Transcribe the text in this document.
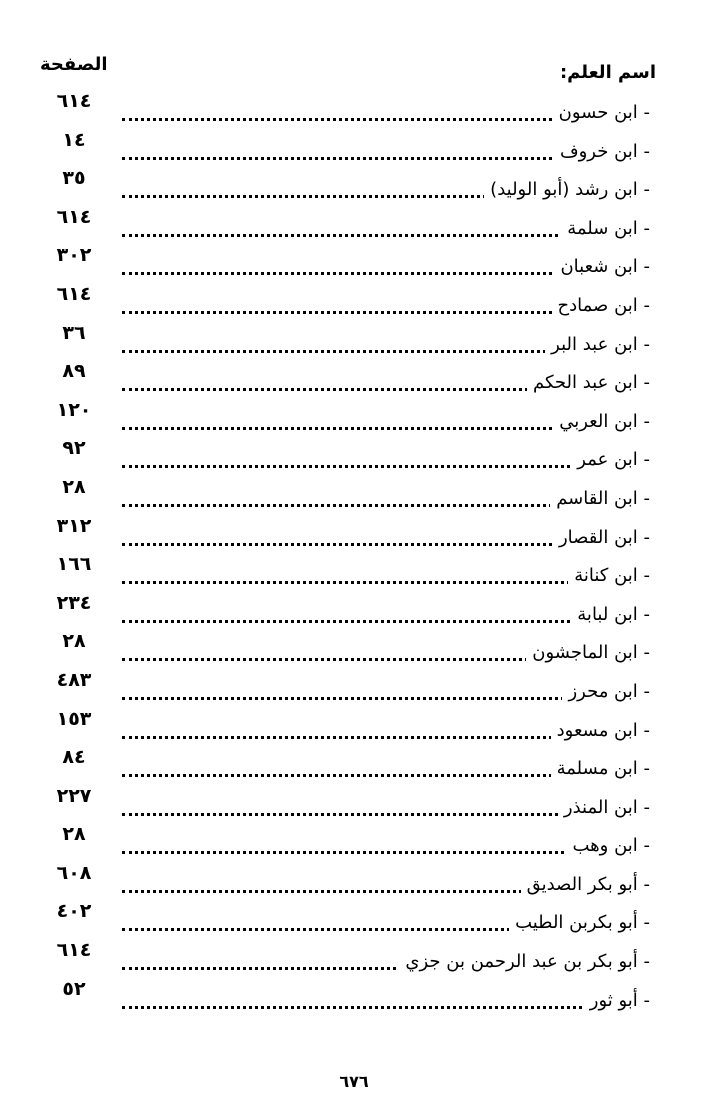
اسم العلم:
الصفحة
- ابن حسون
٦١٤
- ابن خروف
١٤
- ابن رشد (أبو الوليد)
٣٥
- ابن سلمة
٦١٤
- ابن شعبان
٣٠٢
- ابن صمادح
٦١٤
- ابن عبد البر
٣٦
- ابن عبد الحكم
٨٩
- ابن العربي
١٢٠
- ابن عمر
٩٢
- ابن القاسم
٢٨
- ابن القصار
٣١٢
- ابن كنانة
١٦٦
- ابن لبابة
٢٣٤
- ابن الماجشون
٢٨
- ابن محرز
٤٨٣
- ابن مسعود
١٥٣
- ابن مسلمة
٨٤
- ابن المنذر
٢٢٧
- ابن وهب
٢٨
- أبو بكر الصديق
٦٠٨
- أبو بكربن الطيب
٤٠٢
- أبو بكر بن عبد الرحمن بن جزي
٦١٤
- أبو ثور
٥٢
٦٧٦
